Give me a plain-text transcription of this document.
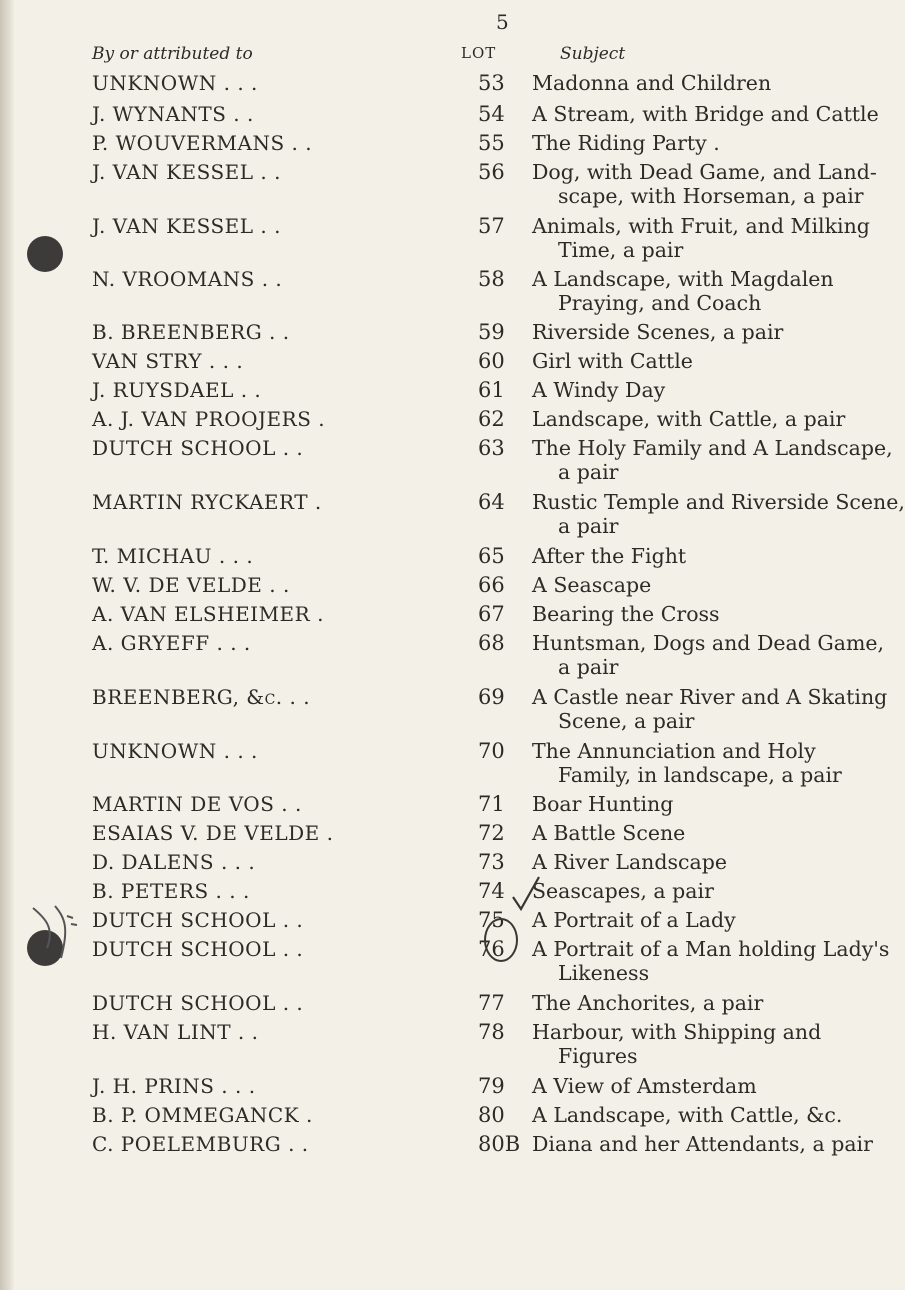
5
By or attributed to	LOT	Subject
UNKNOWN . . .	53 Madonna and Children
J. WYNANTS . .	54 A Stream, with Bridge and Cattle
P. WOUVERMANS . .	55 The Riding Party .
J. VAN KESSEL . .	56 Dog, with Dead Game, and Land-
scape, with Horseman, a pair
J. VAN KESSEL . .	57 Animals, with Fruit, and Milking
Time, a pair
N. VROOMANS . .	58 A Landscape, with Magdalen
Praying, and Coach
B. BREENBERG . .	59 Riverside Scenes, a pair
VAN STRY . . .	60 Girl with Cattle
J. RUYSDAEL . .	61 A Windy Day
A. J. VAN PROOJERS .	62 Landscape, with Cattle, a pair
DUTCH SCHOOL . .	63 The Holy Family and A Landscape,
a pair
MARTIN RYCKAERT .	64 Rustic Temple and Riverside Scene,
a pair
T. MICHAU . . .	65 After the Fight
W. V. DE VELDE . .	66 A Seascape
A. VAN ELSHEIMER .	67 Bearing the Cross
A. GRYEFF . . .	68 Huntsman, Dogs and Dead Game,
a pair
BREENBERG, &c. . .	69 A Castle near River and A Skating
Scene, a pair
UNKNOWN . . .	70 The Annunciation and Holy
Family, in landscape, a pair
MARTIN DE VOS . .	71 Boar Hunting
ESAIAS V. DE VELDE .	72 A Battle Scene
D. DALENS . . .	73 A River Landscape
B. PETERS . . .	74 Seascapes, a pair
DUTCH SCHOOL . .	75 A Portrait of a Lady
DUTCH SCHOOL . .	76 A Portrait of a Man holding Lady's
Likeness
DUTCH SCHOOL . .	77 The Anchorites, a pair
H. VAN LINT . .	78 Harbour, with Shipping and
Figures
J. H. PRINS . . .	79 A View of Amsterdam
B. P. OMMEGANCK .	80 A Landscape, with Cattle, &c.
C. POELEMBURG . .	80B Diana and her Attendants, a pair
